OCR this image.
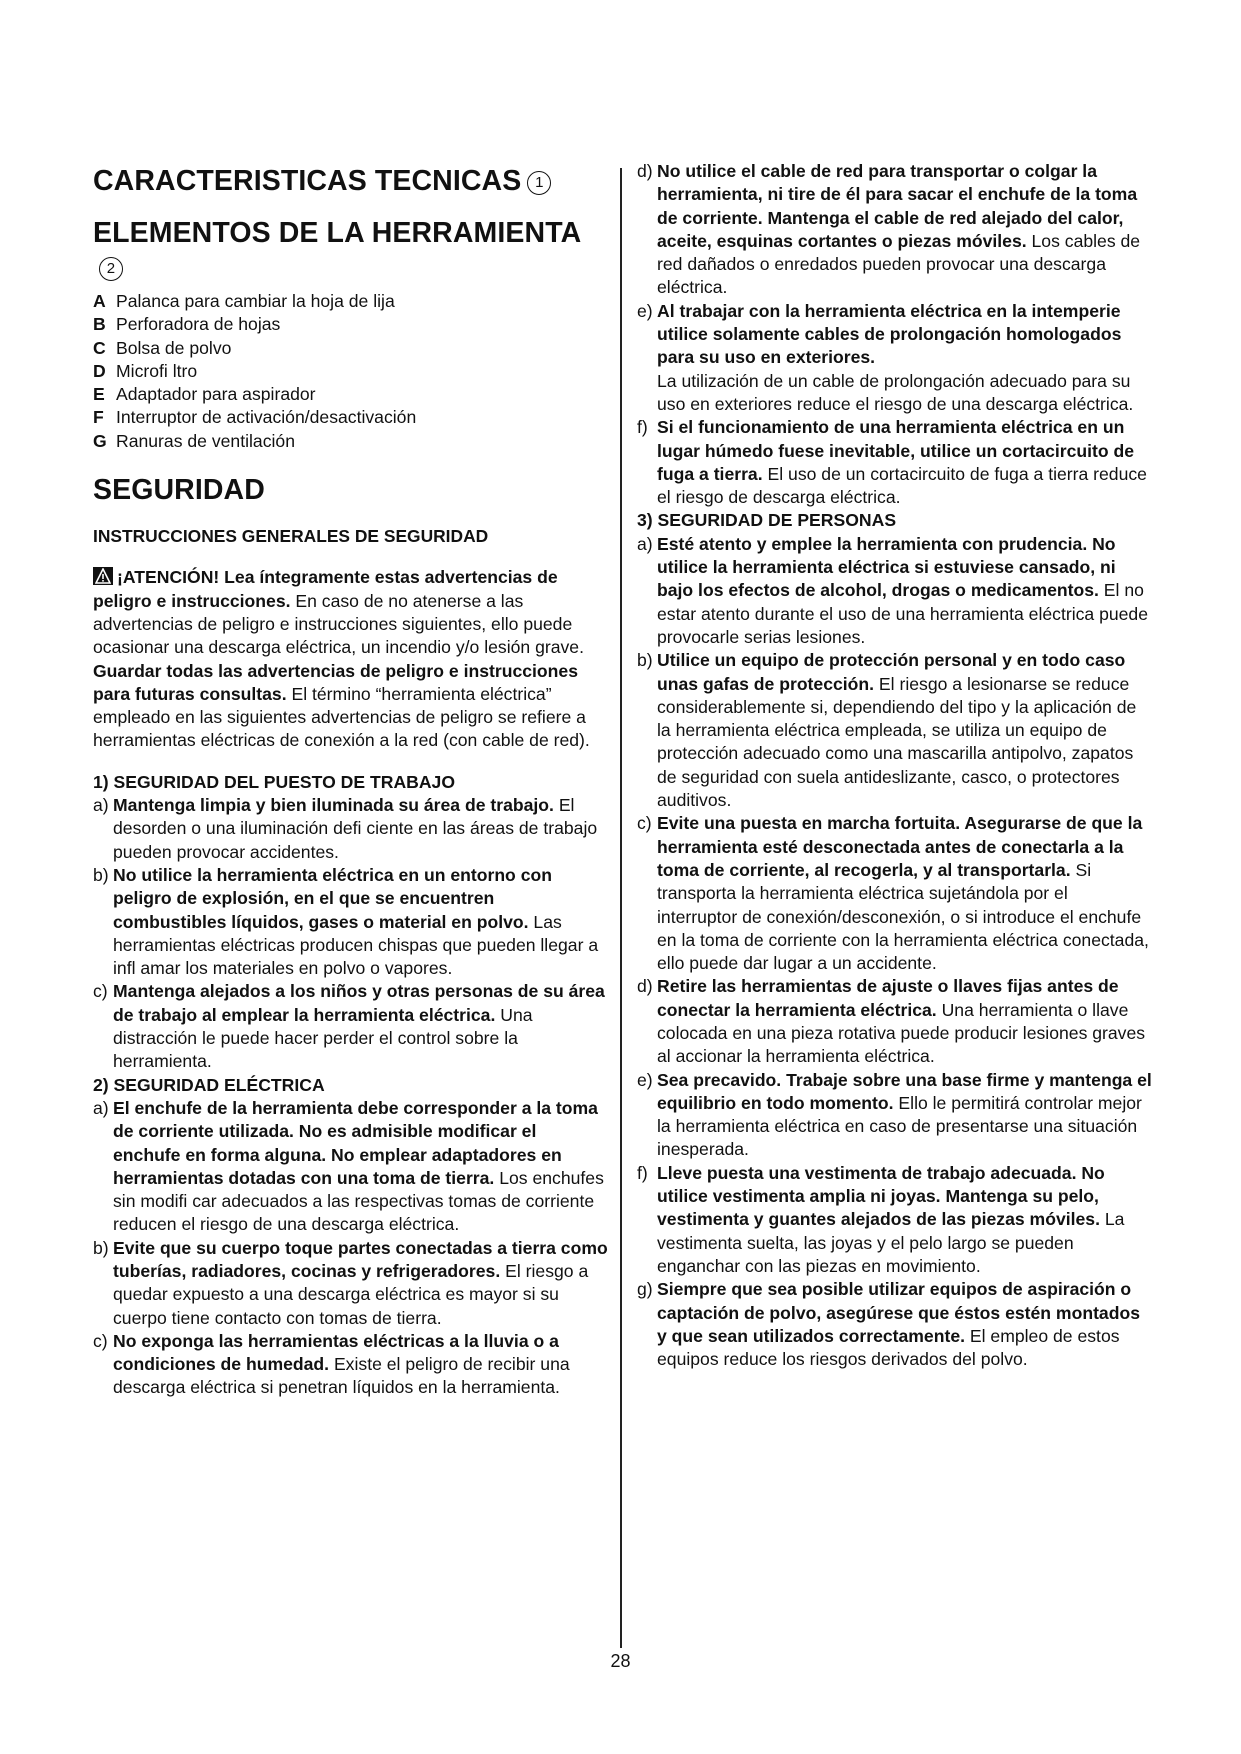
CARACTERISTICAS TECNICAS 1
ELEMENTOS DE LA HERRAMIENTA2
A Palanca para cambiar la hoja de lija
B Perforadora de hojas
C Bolsa de polvo
D Microfi ltro
E Adaptador para aspirador
F Interruptor de activación/desactivación
G Ranuras de ventilación
SEGURIDAD
INSTRUCCIONES GENERALES DE SEGURIDAD

¡ATENCIÓN! Lea íntegramente estas advertencias de peligro e instrucciones. En caso de no atenerse a las advertencias de peligro e instrucciones siguientes, ello puede ocasionar una descarga eléctrica, un incendio y/o lesión grave. Guardar todas las advertencias de peligro e instrucciones para futuras consultas. El término “herramienta eléctrica” empleado en las siguientes advertencias de peligro se refiere a herramientas eléctricas de conexión a la red (con cable de red).

1) SEGURIDAD DEL PUESTO DE TRABAJO
a) Mantenga limpia y bien iluminada su área de trabajo. El desorden o una iluminación defi ciente en las áreas de trabajo pueden provocar accidentes.
b) No utilice la herramienta eléctrica en un entorno con peligro de explosión, en el que se encuentren combustibles líquidos, gases o material en polvo. Las herramientas eléctricas producen chispas que pueden llegar a infl amar los materiales en polvo o vapores.
c) Mantenga alejados a los niños y otras personas de su área de trabajo al emplear la herramienta eléctrica. Una distracción le puede hacer perder el control sobre la herramienta.
2) SEGURIDAD ELÉCTRICA
a) El enchufe de la herramienta debe corresponder a la toma de corriente utilizada. No es admisible modificar el enchufe en forma alguna. No emplear adaptadores en herramientas dotadas con una toma de tierra. Los enchufes sin modifi car adecuados a las respectivas tomas de corriente reducen el riesgo de una descarga eléctrica.
b) Evite que su cuerpo toque partes conectadas a tierra como tuberías, radiadores, cocinas y refrigeradores. El riesgo a quedar expuesto a una descarga eléctrica es mayor si su cuerpo tiene contacto con tomas de tierra.
c) No exponga las herramientas eléctricas a la lluvia o a condiciones de humedad. Existe el peligro de recibir una descarga eléctrica si penetran líquidos en la herramienta.
d) No utilice el cable de red para transportar o colgar la herramienta, ni tire de él para sacar el enchufe de la toma de corriente. Mantenga el cable de red alejado del calor, aceite, esquinas cortantes o piezas móviles. Los cables de red dañados o enredados pueden provocar una descarga eléctrica.
e) Al trabajar con la herramienta eléctrica en la intemperie utilice solamente cables de prolongación homologados para su uso en exteriores.
La utilización de un cable de prolongación adecuado para su uso en exteriores reduce el riesgo de una descarga eléctrica.
f) Si el funcionamiento de una herramienta eléctrica en un lugar húmedo fuese inevitable, utilice un cortacircuito de fuga a tierra. El uso de un cortacircuito de fuga a tierra reduce el riesgo de descarga eléctrica.
3) SEGURIDAD DE PERSONAS
a) Esté atento y emplee la herramienta con prudencia. No utilice la herramienta eléctrica si estuviese cansado, ni bajo los efectos de alcohol, drogas o medicamentos. El no estar atento durante el uso de una herramienta eléctrica puede provocarle serias lesiones.
b) Utilice un equipo de protección personal y en todo caso unas gafas de protección. El riesgo a lesionarse se reduce considerablemente si, dependiendo del tipo y la aplicación de la herramienta eléctrica empleada, se utiliza un equipo de protección adecuado como una mascarilla antipolvo, zapatos de seguridad con suela antideslizante, casco, o protectores auditivos.
c) Evite una puesta en marcha fortuita. Asegurarse de que la herramienta esté desconectada antes de conectarla a la toma de corriente, al recogerla, y al transportarla. Si transporta la herramienta eléctrica sujetándola por el interruptor de conexión/desconexión, o si introduce el enchufe en la toma de corriente con la herramienta eléctrica conectada, ello puede dar lugar a un accidente.
d) Retire las herramientas de ajuste o llaves fijas antes de conectar la herramienta eléctrica. Una herramienta o llave colocada en una pieza rotativa puede producir lesiones graves al accionar la herramienta eléctrica.
e) Sea precavido. Trabaje sobre una base firme y mantenga el equilibrio en todo momento. Ello le permitirá controlar mejor la herramienta eléctrica en caso de presentarse una situación inesperada.
f) Lleve puesta una vestimenta de trabajo adecuada. No utilice vestimenta amplia ni joyas. Mantenga su pelo, vestimenta y guantes alejados de las piezas móviles. La vestimenta suelta, las joyas y el pelo largo se pueden enganchar con las piezas en movimiento.
g) Siempre que sea posible utilizar equipos de aspiración o captación de polvo, asegúrese que éstos estén montados y que sean utilizados correctamente. El empleo de estos equipos reduce los riesgos derivados del polvo.
28
